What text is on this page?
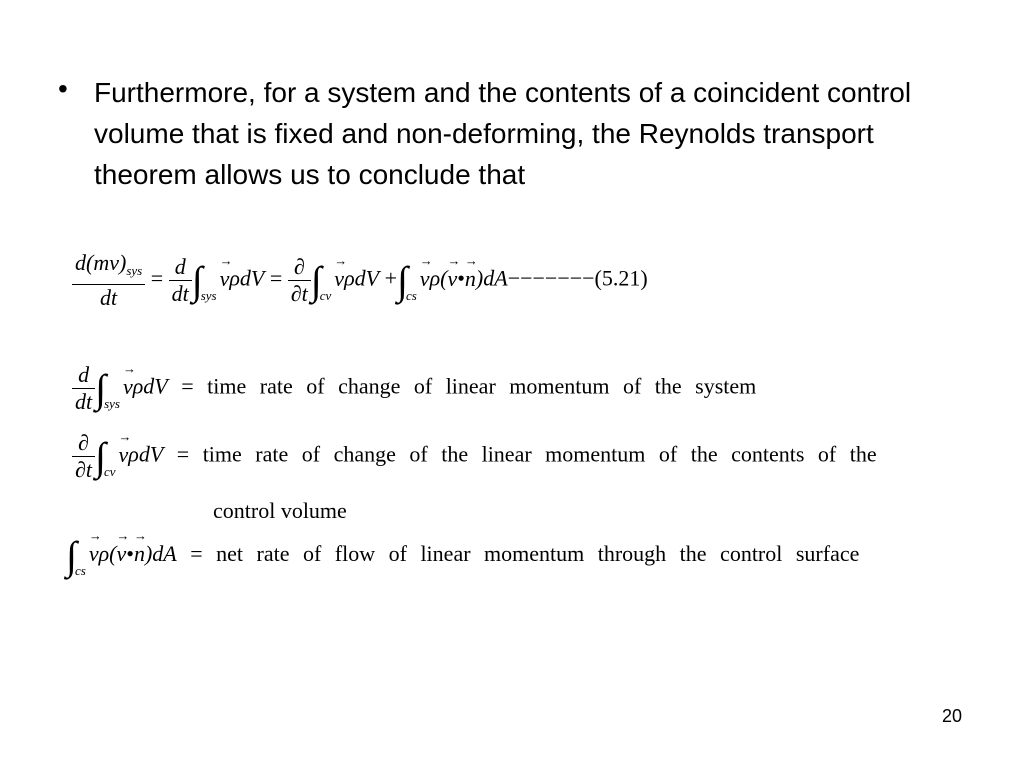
• Furthermore, for a system and the contents of a coincident control volume that is fixed and non-deforming, the Reynolds transport theorem allows us to conclude that
$\frac{d(mv)_{sys}}{dt} = \frac{d}{dt} \int_{sys}\to v\rho dV = \frac{\partial}{\partial t} \int_{cv}\to v\rho dV +\int_{cs}\to v\rho(\to$ v•→ n)dA−−−−−−−(5.21)
$\frac{d}{dt} \int_{sys}\to v\rho dV$ = time rate of change of linear momentum of the system
$\frac{\partial}{\partial t} \int_{cv}\to v\rho dV$ = time rate of change of the linear momentum of the contents of the
control volume
$\int_{cs}\to v\rho(\to$ v•→ n)dA = net rate of flow of linear momentum through the control surface
20
